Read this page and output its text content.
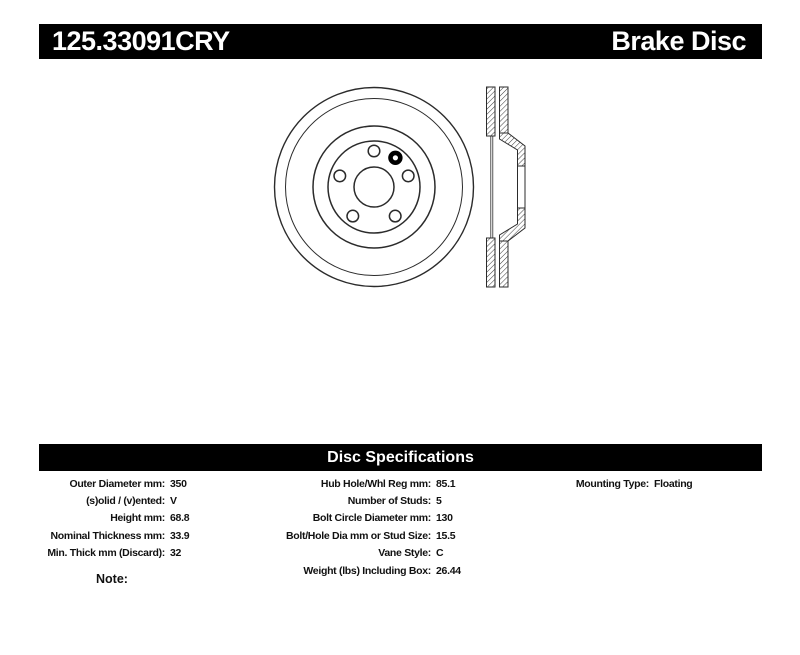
125.33091CRY	Brake Disc
Disc Specifications
Outer Diameter mm: 350
(s)olid / (v)ented: V
Height mm: 68.8
Nominal Thickness mm: 33.9
Min. Thick mm (Discard): 32
Hub Hole/Whl Reg mm: 85.1
Number of Studs: 5
Bolt Circle Diameter mm: 130
Bolt/Hole Dia mm or Stud Size: 15.5
Vane Style: C
Weight (lbs) Including Box: 26.44
Mounting Type: Floating
Note:
